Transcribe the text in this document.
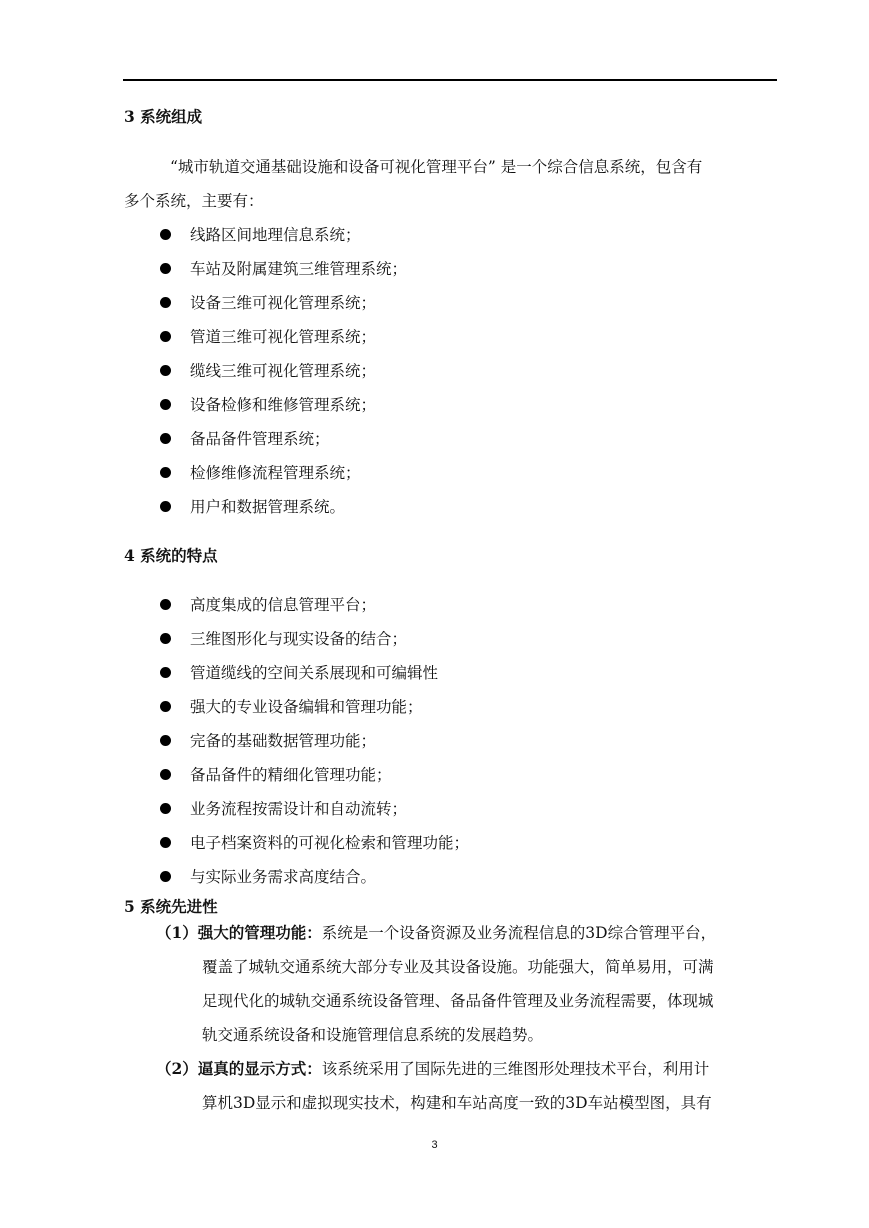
3 系统组成
“城市轨道交通基础设施和设备可视化管理平台” 是一个综合信息系统，包含有
多个系统，主要有：
线路区间地理信息系统；
车站及附属建筑三维管理系统；
设备三维可视化管理系统；
管道三维可视化管理系统；
缆线三维可视化管理系统；
设备检修和维修管理系统；
备品备件管理系统；
检修维修流程管理系统；
用户和数据管理系统。
4 系统的特点
高度集成的信息管理平台；
三维图形化与现实设备的结合；
管道缆线的空间关系展现和可编辑性
强大的专业设备编辑和管理功能；
完备的基础数据管理功能；
备品备件的精细化管理功能；
业务流程按需设计和自动流转；
电子档案资料的可视化检索和管理功能；
与实际业务需求高度结合。
5 系统先进性
（1）强大的管理功能：系统是一个设备资源及业务流程信息的3D综合管理平台，
覆盖了城轨交通系统大部分专业及其设备设施。功能强大，简单易用，可满
足现代化的城轨交通系统设备管理、备品备件管理及业务流程需要，体现城
轨交通系统设备和设施管理信息系统的发展趋势。
（2）逼真的显示方式：该系统采用了国际先进的三维图形处理技术平台，利用计
算机3D显示和虚拟现实技术，构建和车站高度一致的3D车站模型图，具有
3
